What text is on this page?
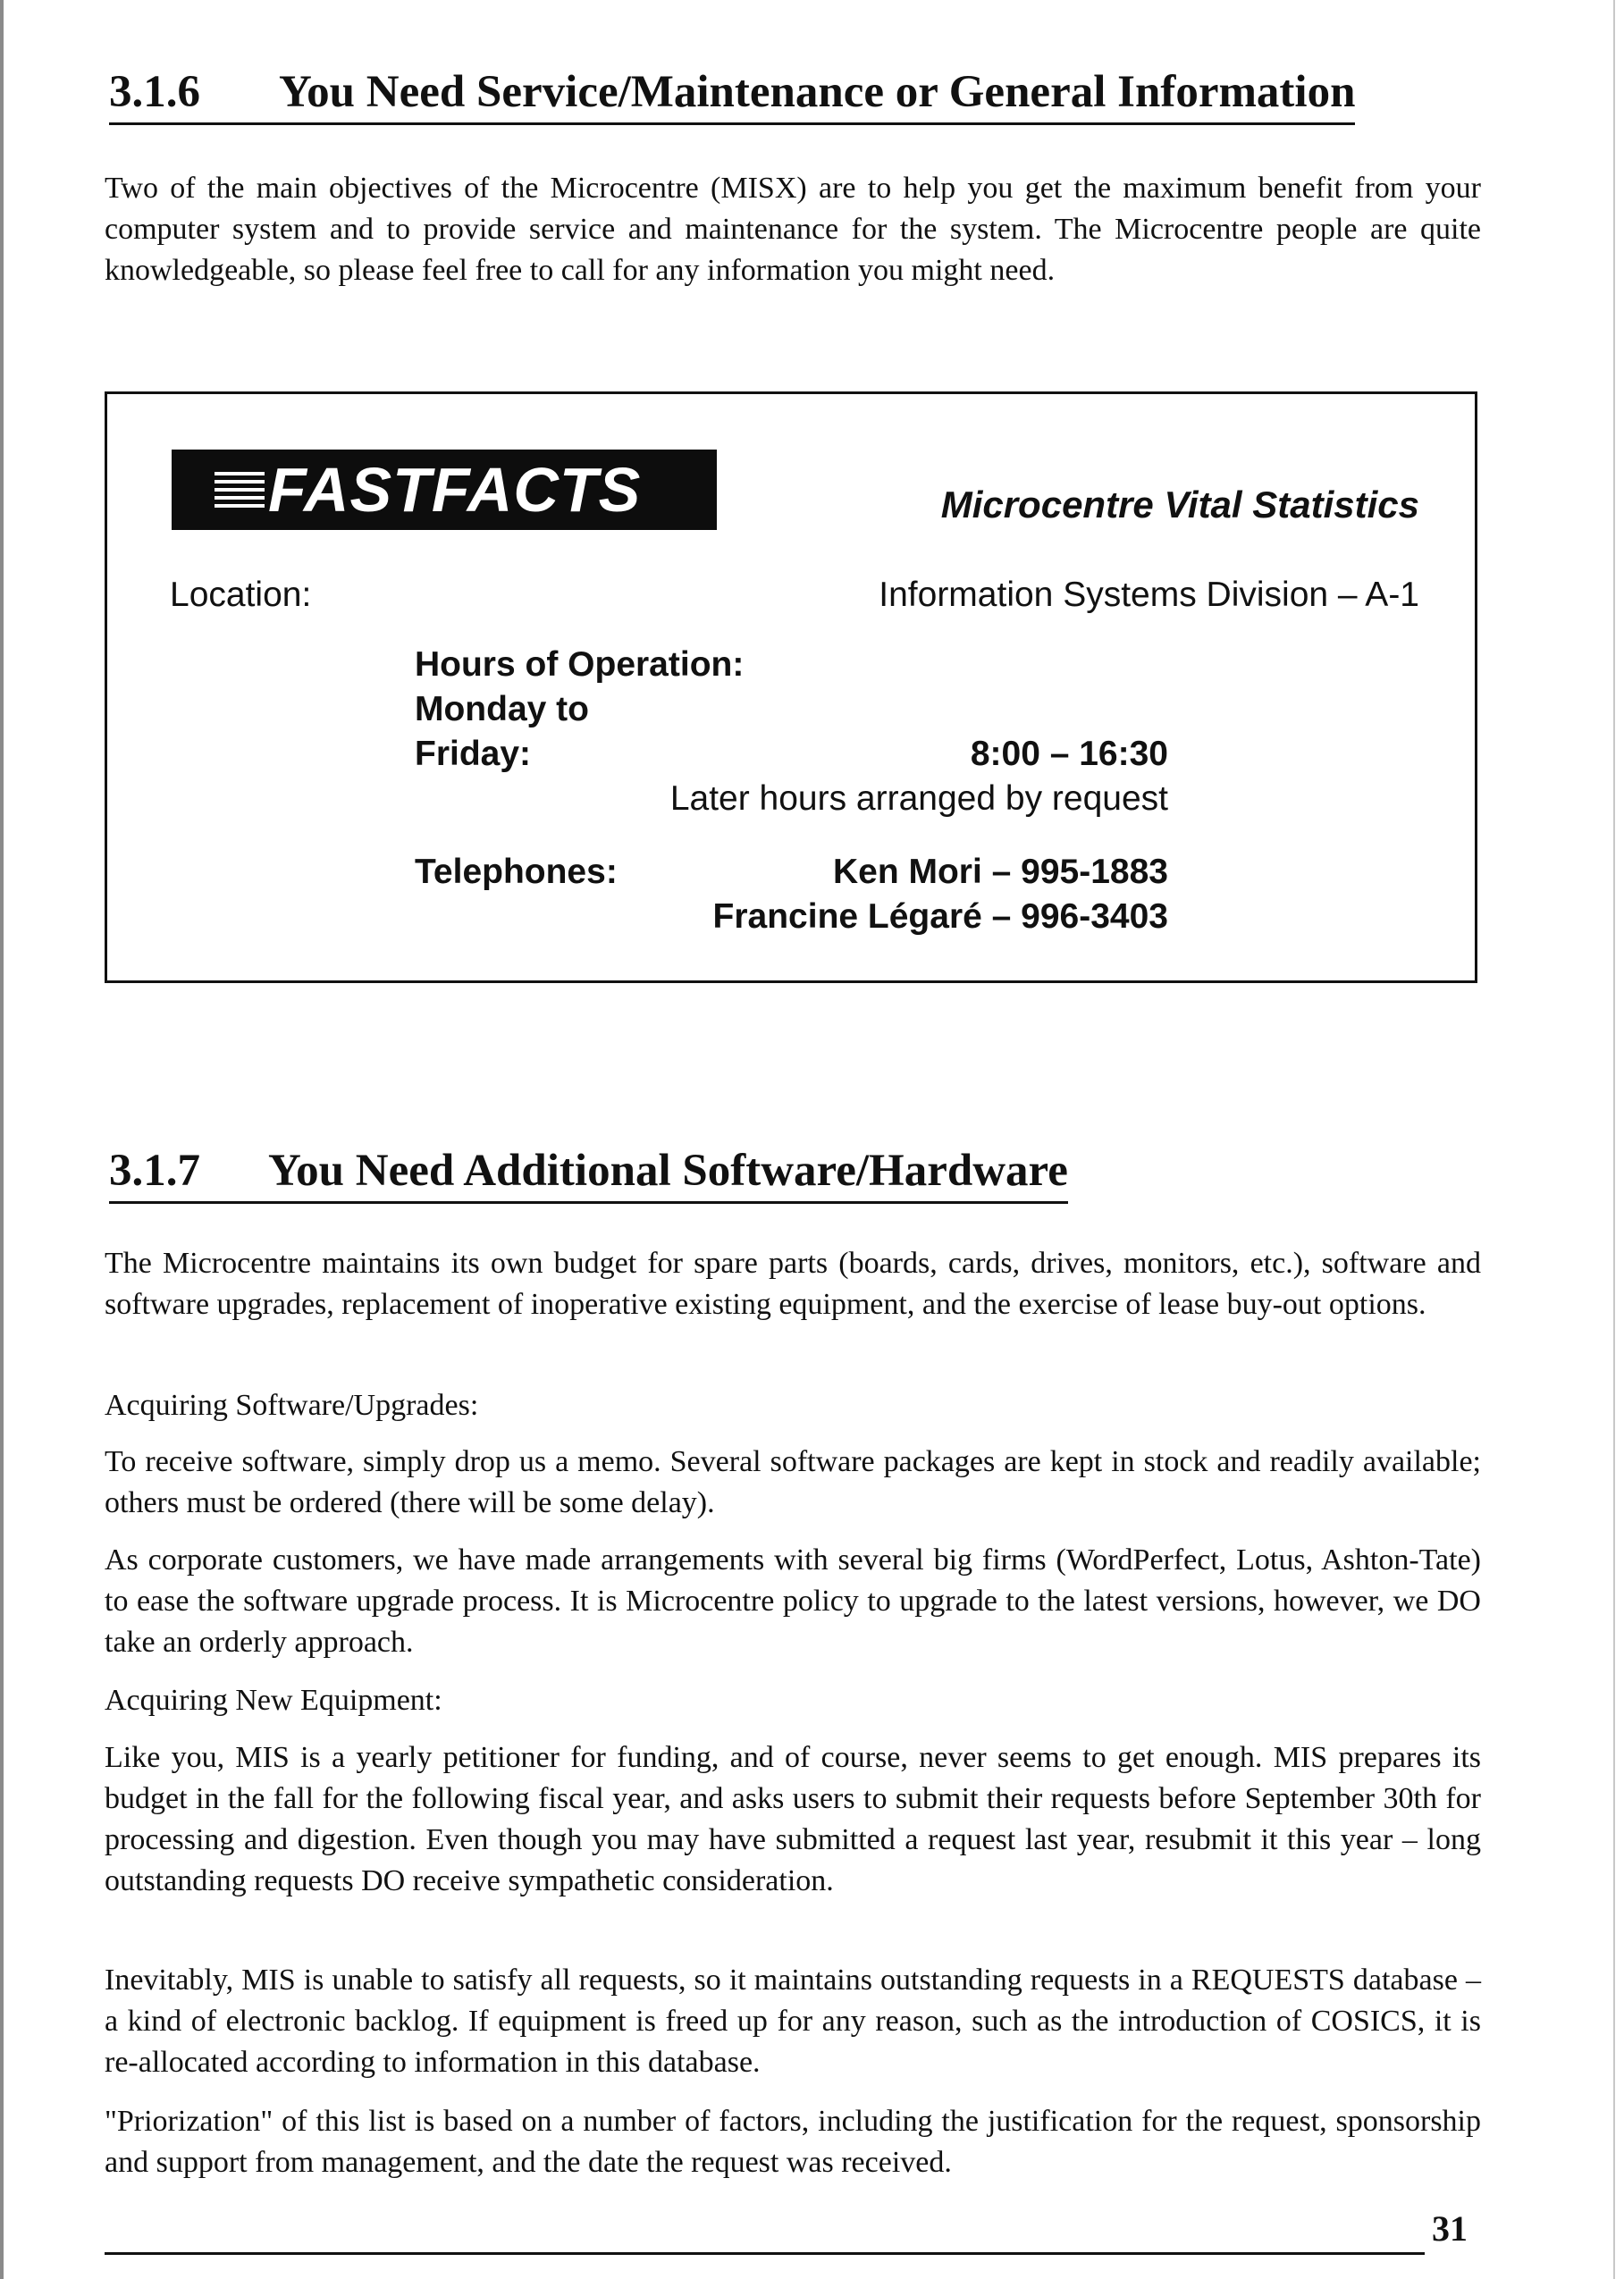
3.1.6 You Need Service/Maintenance or General Information

Two of the main objectives of the Microcentre (MISX) are to help you get the maximum benefit from your computer system and to provide service and maintenance for the system. The Microcentre people are quite knowledgeable, so please feel free to call for any information you might need.

FASTFACTS	Microcentre Vital Statistics
Location:	Information Systems Division – A-1
Hours of Operation:
Monday to
Friday:	8:00 – 16:30
Later hours arranged by request
Telephones:	Ken Mori – 995-1883
Francine Légaré – 996-3403
3.1.7 You Need Additional Software/Hardware

The Microcentre maintains its own budget for spare parts (boards, cards, drives, monitors, etc.), software and software upgrades, replacement of inoperative existing equipment, and the exercise of lease buy-out options.

Acquiring Software/Upgrades:

To receive software, simply drop us a memo. Several software packages are kept in stock and readily available; others must be ordered (there will be some delay).

As corporate customers, we have made arrangements with several big firms (WordPerfect, Lotus, Ashton-Tate) to ease the software upgrade process. It is Microcentre policy to upgrade to the latest versions, however, we DO take an orderly approach.

Acquiring New Equipment:

Like you, MIS is a yearly petitioner for funding, and of course, never seems to get enough. MIS prepares its budget in the fall for the following fiscal year, and asks users to submit their requests before September 30th for processing and digestion. Even though you may have submitted a request last year, resubmit it this year – long outstanding requests DO receive sympathetic consideration.

Inevitably, MIS is unable to satisfy all requests, so it maintains outstanding requests in a REQUESTS database – a kind of electronic backlog. If equipment is freed up for any reason, such as the introduction of COSICS, it is re-allocated according to information in this database.

"Priorization" of this list is based on a number of factors, including the justification for the request, sponsorship and support from management, and the date the request was received.

31
